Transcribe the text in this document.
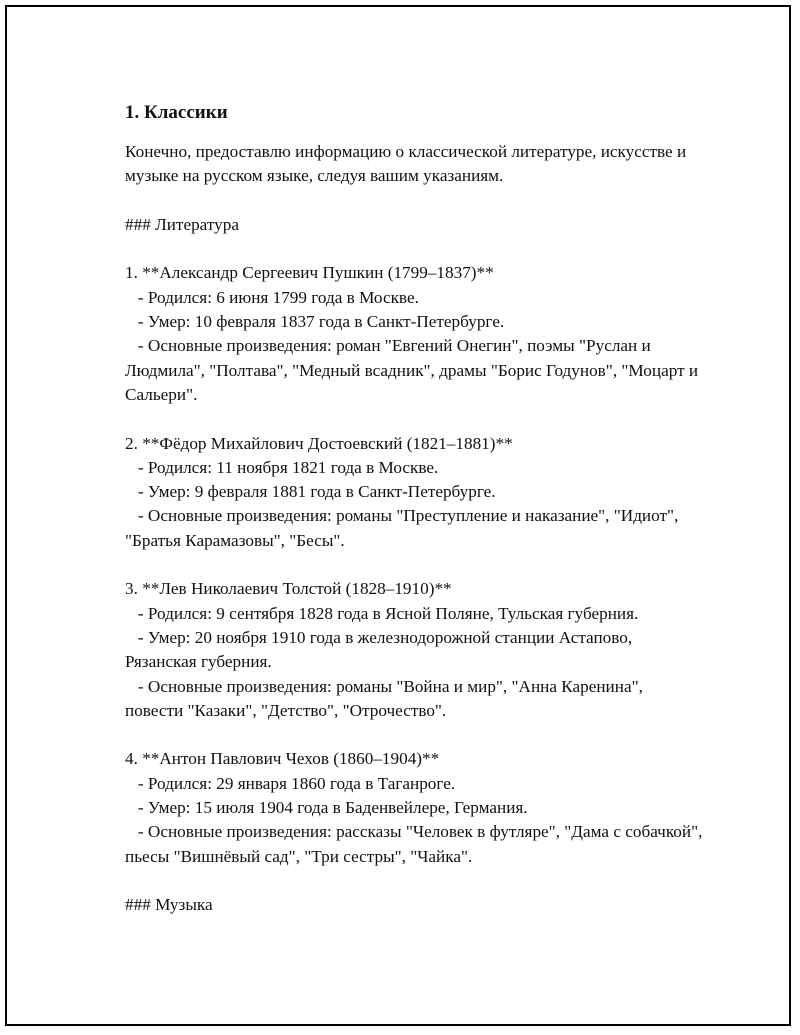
1. Классики

Конечно, предоставлю информацию о классической литературе, искусстве и музыке на русском языке, следуя вашим указаниям.

### Литература

1. **Александр Сергеевич Пушкин (1799–1837)**

- Родился: 6 июня 1799 года в Москве.

- Умер: 10 февраля 1837 года в Санкт-Петербурге.

- Основные произведения: роман "Евгений Онегин", поэмы "Руслан и Людмила", "Полтава", "Медный всадник", драмы "Борис Годунов", "Моцарт и Сальери".

2. **Фёдор Михайлович Достоевский (1821–1881)**

- Родился: 11 ноября 1821 года в Москве.

- Умер: 9 февраля 1881 года в Санкт-Петербурге.

- Основные произведения: романы "Преступление и наказание", "Идиот", "Братья Карамазовы", "Бесы".

3. **Лев Николаевич Толстой (1828–1910)**

- Родился: 9 сентября 1828 года в Ясной Поляне, Тульская губерния.

- Умер: 20 ноября 1910 года в железнодорожной станции Астапово, Рязанская губерния.

- Основные произведения: романы "Война и мир", "Анна Каренина", повести "Казаки", "Детство", "Отрочество".

4. **Антон Павлович Чехов (1860–1904)**

- Родился: 29 января 1860 года в Таганроге.

- Умер: 15 июля 1904 года в Баденвейлере, Германия.

- Основные произведения: рассказы "Человек в футляре", "Дама с собачкой", пьесы "Вишнёвый сад", "Три сестры", "Чайка".

### Музыка
